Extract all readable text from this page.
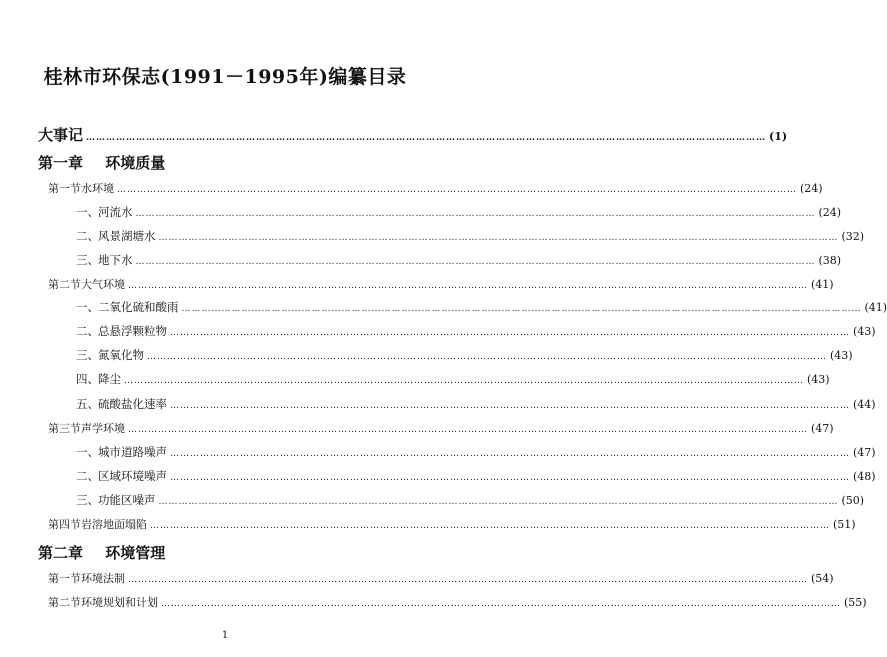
桂林市环保志(1991－1995年)编纂目录
大事记 …………………………………………………………………………………………………………………………………………………………………………………… (1)
第一章 环境质量
第一节 水环境 …………………………………………………………………………………………………………………………………………………………………………………… (24)
一、 河流水 …………………………………………………………………………………………………………………………………………………………………………………… (24)
二、 风景湖塘水 …………………………………………………………………………………………………………………………………………………………………………………… (32)
三、 地下水 …………………………………………………………………………………………………………………………………………………………………………………… (38)
第二节 大气环境 …………………………………………………………………………………………………………………………………………………………………………………… (41)
一、 二氧化硫和酸雨 …………………………………………………………………………………………………………………………………………………………………………………… (41)
二、 总悬浮颗粒物 …………………………………………………………………………………………………………………………………………………………………………………… (43)
三、 氮氧化物 …………………………………………………………………………………………………………………………………………………………………………………… (43)
四、 降尘 …………………………………………………………………………………………………………………………………………………………………………………… (43)
五、 硫酸盐化速率 …………………………………………………………………………………………………………………………………………………………………………………… (44)
第三节 声学环境 …………………………………………………………………………………………………………………………………………………………………………………… (47)
一、 城市道路噪声 …………………………………………………………………………………………………………………………………………………………………………………… (47)
二、 区域环境噪声 …………………………………………………………………………………………………………………………………………………………………………………… (48)
三、 功能区噪声 …………………………………………………………………………………………………………………………………………………………………………………… (50)
第四节 岩溶地面塌陷 …………………………………………………………………………………………………………………………………………………………………………………… (51)
第二章 环境管理
第一节 环境法制 …………………………………………………………………………………………………………………………………………………………………………………… (54)
第二节 环境规划和计划 …………………………………………………………………………………………………………………………………………………………………………………… (55)
1
